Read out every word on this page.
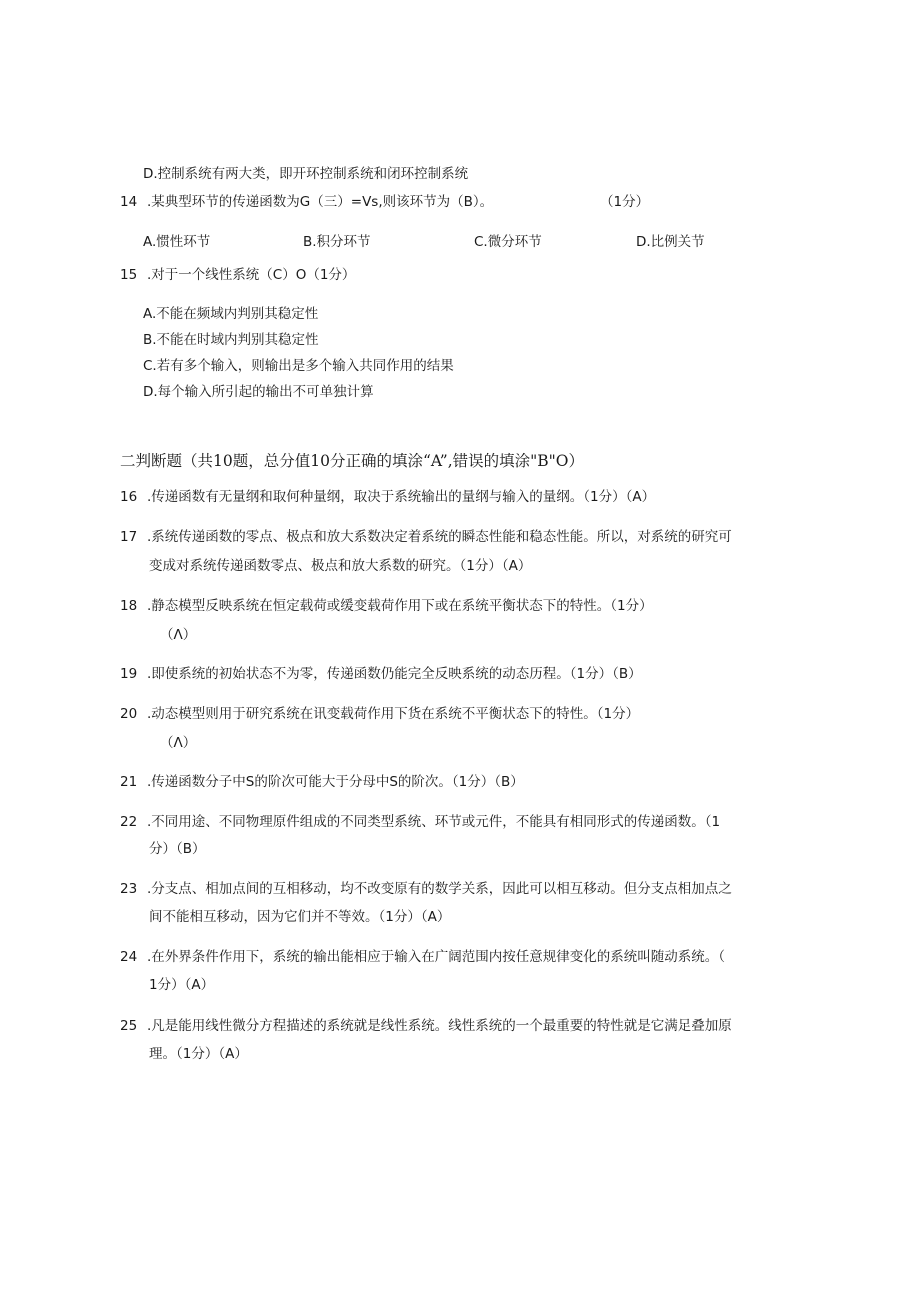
D.控制系统有两大类，即开环控制系统和闭环控制系统
14 .某典型环节的传递函数为G（三）=Vs,则该环节为（B）。	（1分）
A.惯性环节	B.积分环节	C.微分环节	D.比例关节
15 .对于一个线性系统（C）O（1分）
A.不能在频域内判别其稳定性
B.不能在时域内判别其稳定性
C.若有多个输入，则输出是多个输入共同作用的结果
D.每个输入所引起的输出不可单独计算
二判断题（共10题，总分值10分正确的填涂“A”,错误的填涂"B"O）
16 .传递函数有无量纲和取何种量纲，取决于系统输出的量纲与输入的量纲。（1分）（A）
17 .系统传递函数的零点、极点和放大系数决定着系统的瞬态性能和稳态性能。所以，对系统的研究可
变成对系统传递函数零点、极点和放大系数的研究。（1分）（A）
18 .静态模型反映系统在恒定载荷或缓变载荷作用下或在系统平衡状态下的特性。（1分）
（Λ）
19 .即使系统的初始状态不为零，传递函数仍能完全反映系统的动态历程。（1分）（B）
20 .动态模型则用于研究系统在讯变载荷作用下货在系统不平衡状态下的特性。（1分）
（Λ）
21 .传递函数分子中S的阶次可能大于分母中S的阶次。（1分）（B）
22 .不同用途、不同物理原件组成的不同类型系统、环节或元件，不能具有相同形式的传递函数。（1
分）（B）
23 .分支点、相加点间的互相移动，均不改变原有的数学关系，因此可以相互移动。但分支点相加点之
间不能相互移动，因为它们并不等效。（1分）（A）
24 .在外界条件作用下，系统的输出能相应于输入在广阔范围内按任意规律变化的系统叫随动系统。（
1分）（A）
25 .凡是能用线性微分方程描述的系统就是线性系统。线性系统的一个最重要的特性就是它满足叠加原
理。（1分）（A）
